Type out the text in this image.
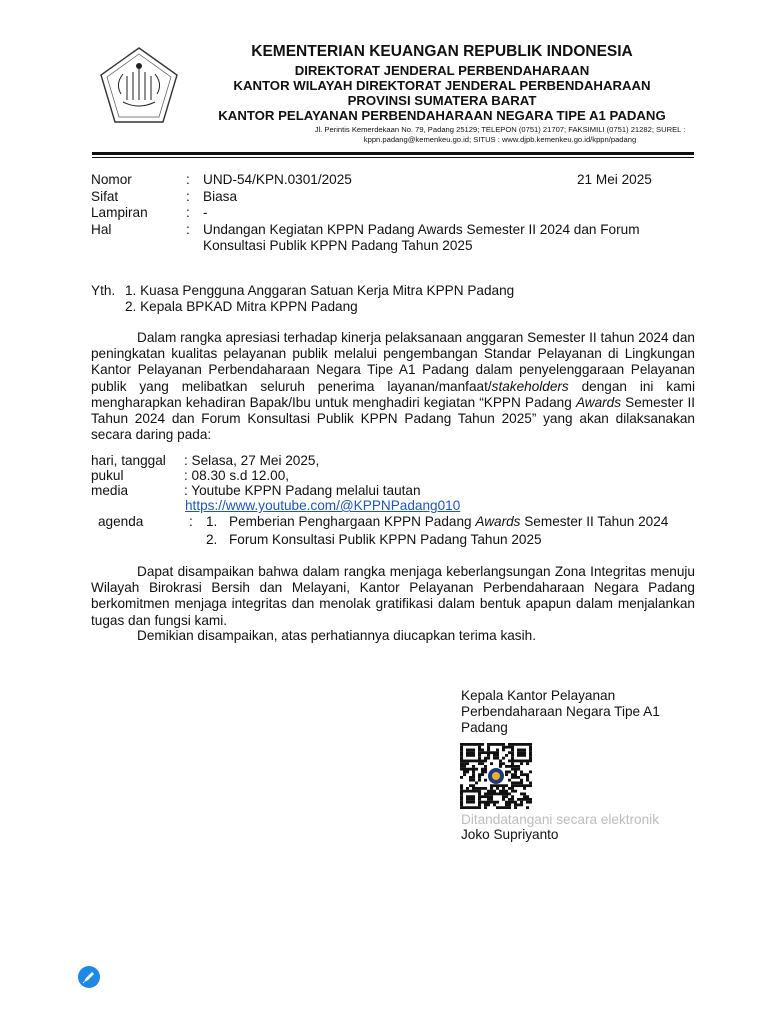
KEMENTERIAN KEUANGAN REPUBLIK INDONESIA
DIREKTORAT JENDERAL PERBENDAHARAAN
KANTOR WILAYAH DIREKTORAT JENDERAL PERBENDAHARAAN
PROVINSI SUMATERA BARAT
KANTOR PELAYANAN PERBENDAHARAAN NEGARA TIPE A1 PADANG
Jl. Perintis Kemerdekaan No. 79, Padang 25129; TELEPON (0751) 21707; FAKSIMILI (0751) 21282; SUREL :
kppn.padang@kemenkeu.go.id; SITUS : www.djpb.kemenkeu.go.id/kppn/padang
Nomor	: UND-54/KPN.0301/2025	21 Mei 2025
Sifat	: Biasa
Lampiran	: -
Hal	: Undangan Kegiatan KPPN Padang Awards Semester II 2024 dan Forum
Konsultasi Publik KPPN Padang Tahun 2025
Yth. 1. Kuasa Pengguna Anggaran Satuan Kerja Mitra KPPN Padang
2. Kepala BPKAD Mitra KPPN Padang
Dalam rangka apresiasi terhadap kinerja pelaksanaan anggaran Semester II tahun 2024 dan peningkatan kualitas pelayanan publik melalui pengembangan Standar Pelayanan di Lingkungan Kantor Pelayanan Perbendaharaan Negara Tipe A1 Padang dalam penyelenggaraan Pelayanan publik yang melibatkan seluruh penerima layanan/manfaat/stakeholders dengan ini kami mengharapkan kehadiran Bapak/Ibu untuk menghadiri kegiatan “KPPN Padang Awards Semester II Tahun 2024 dan Forum Konsultasi Publik KPPN Padang Tahun 2025” yang akan dilaksanakan secara daring pada:
hari, tanggal : Selasa, 27 Mei 2025,
pukul	: 08.30 s.d 12.00,
media	: Youtube KPPN Padang melalui tautan
https://www.youtube.com/@KPPNPadang010
agenda	: 1. Pemberian Penghargaan KPPN Padang Awards Semester II Tahun 2024
2. Forum Konsultasi Publik KPPN Padang Tahun 2025
Dapat disampaikan bahwa dalam rangka menjaga keberlangsungan Zona Integritas menuju Wilayah Birokrasi Bersih dan Melayani, Kantor Pelayanan Perbendaharaan Negara Padang berkomitmen menjaga integritas dan menolak gratifikasi dalam bentuk apapun dalam menjalankan tugas dan fungsi kami.
Demikian disampaikan, atas perhatiannya diucapkan terima kasih.
Kepala Kantor Pelayanan
Perbendaharaan Negara Tipe A1
Padang
Ditandatangani secara elektronik
Joko Supriyanto
